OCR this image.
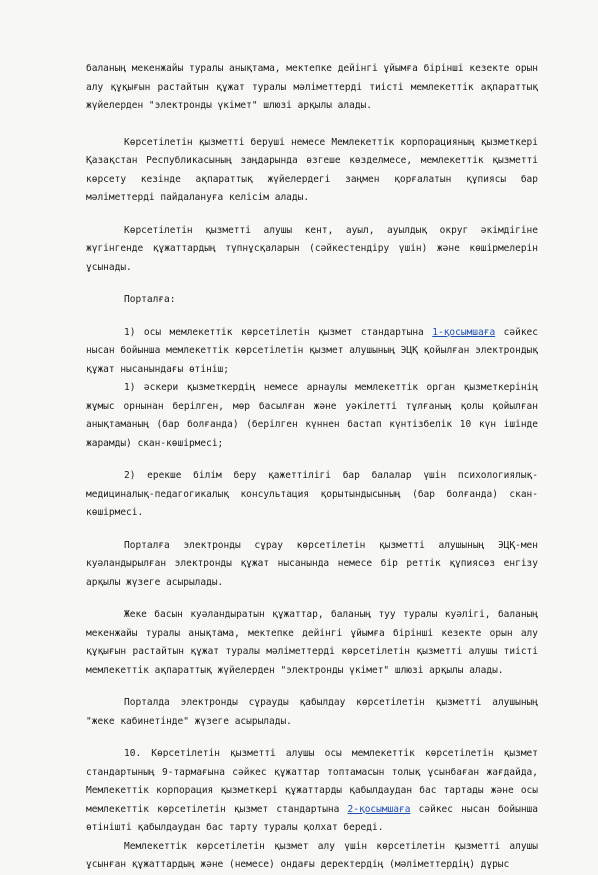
баланың мекенжайы туралы анықтама, мектепке дейінгі ұйымға бірінші кезекте орын алу құқығын растайтын құжат туралы мәліметтерді тиісті мемлекеттік ақпараттық жүйелерден "электронды үкімет" шлюзі арқылы алады.

Көрсетілетін қызметті беруші немесе Мемлекеттік корпорацияның қызметкері Қазақстан Республикасының заңдарында өзгеше көзделмесе, мемлекеттік қызметті көрсету кезінде ақпараттық жүйелердегі заңмен қорғалатын құпиясы бар мәліметтерді пайдалануға келісім алады.

Көрсетілетін қызметті алушы кент, ауыл, ауылдық округ әкімдігіне жүгінгенде құжаттардың түпнұсқаларын (сәйкестендіру үшін) және көшірмелерін ұсынады.

Порталға:

1) осы мемлекеттік көрсетілетін қызмет стандартына 1-қосымшаға сәйкес нысан бойынша мемлекеттік көрсетілетін қызмет алушының ЭЦҚ қойылған электрондық құжат нысанындағы өтініш;

1) әскери қызметкердің немесе арнаулы мемлекеттік орган қызметкерінің жұмыс орнынан берілген, мөр басылған және уәкілетті тұлғаның қолы қойылған анықтаманың (бар болғанда) (берілген күннен бастап күнтізбелік 10 күн ішінде жарамды) скан-көшірмесі;

2) ерекше білім беру қажеттілігі бар балалар үшін психологиялық-медициналық-педагогикалық консультация қорытындысының (бар болғанда) скан-көшірмесі.

Порталға электронды сұрау көрсетілетін қызметті алушының ЭЦҚ-мен куәландырылған электронды құжат нысанында немесе бір реттік құпиясөз енгізу арқылы жүзеге асырылады.

Жеке басын куәландыратын құжаттар, баланың туу туралы куәлігі, баланың мекенжайы туралы анықтама, мектепке дейінгі ұйымға бірінші кезекте орын алу құқығын растайтын құжат туралы мәліметтерді көрсетілетін қызметті алушы тиісті мемлекеттік ақпараттық жүйелерден "электронды үкімет" шлюзі арқылы алады.

Порталда электронды сұрауды қабылдау көрсетілетін қызметті алушының "жеке кабинетінде" жүзеге асырылады.

10. Көрсетілетін қызметті алушы осы мемлекеттік көрсетілетін қызмет стандартының 9-тармағына сәйкес құжаттар топтамасын толық ұсынбаған жағдайда, Мемлекеттік корпорация қызметкері құжаттарды қабылдаудан бас тартады және осы мемлекеттік көрсетілетін қызмет стандартына 2-қосымшаға сәйкес нысан бойынша өтінішті қабылдаудан бас тарту туралы қолхат береді.

Мемлекеттік көрсетілетін қызмет алу үшін көрсетілетін қызметті алушы ұсынған құжаттардың және (немесе) ондағы деректердің (мәліметтердің) дұрыс
